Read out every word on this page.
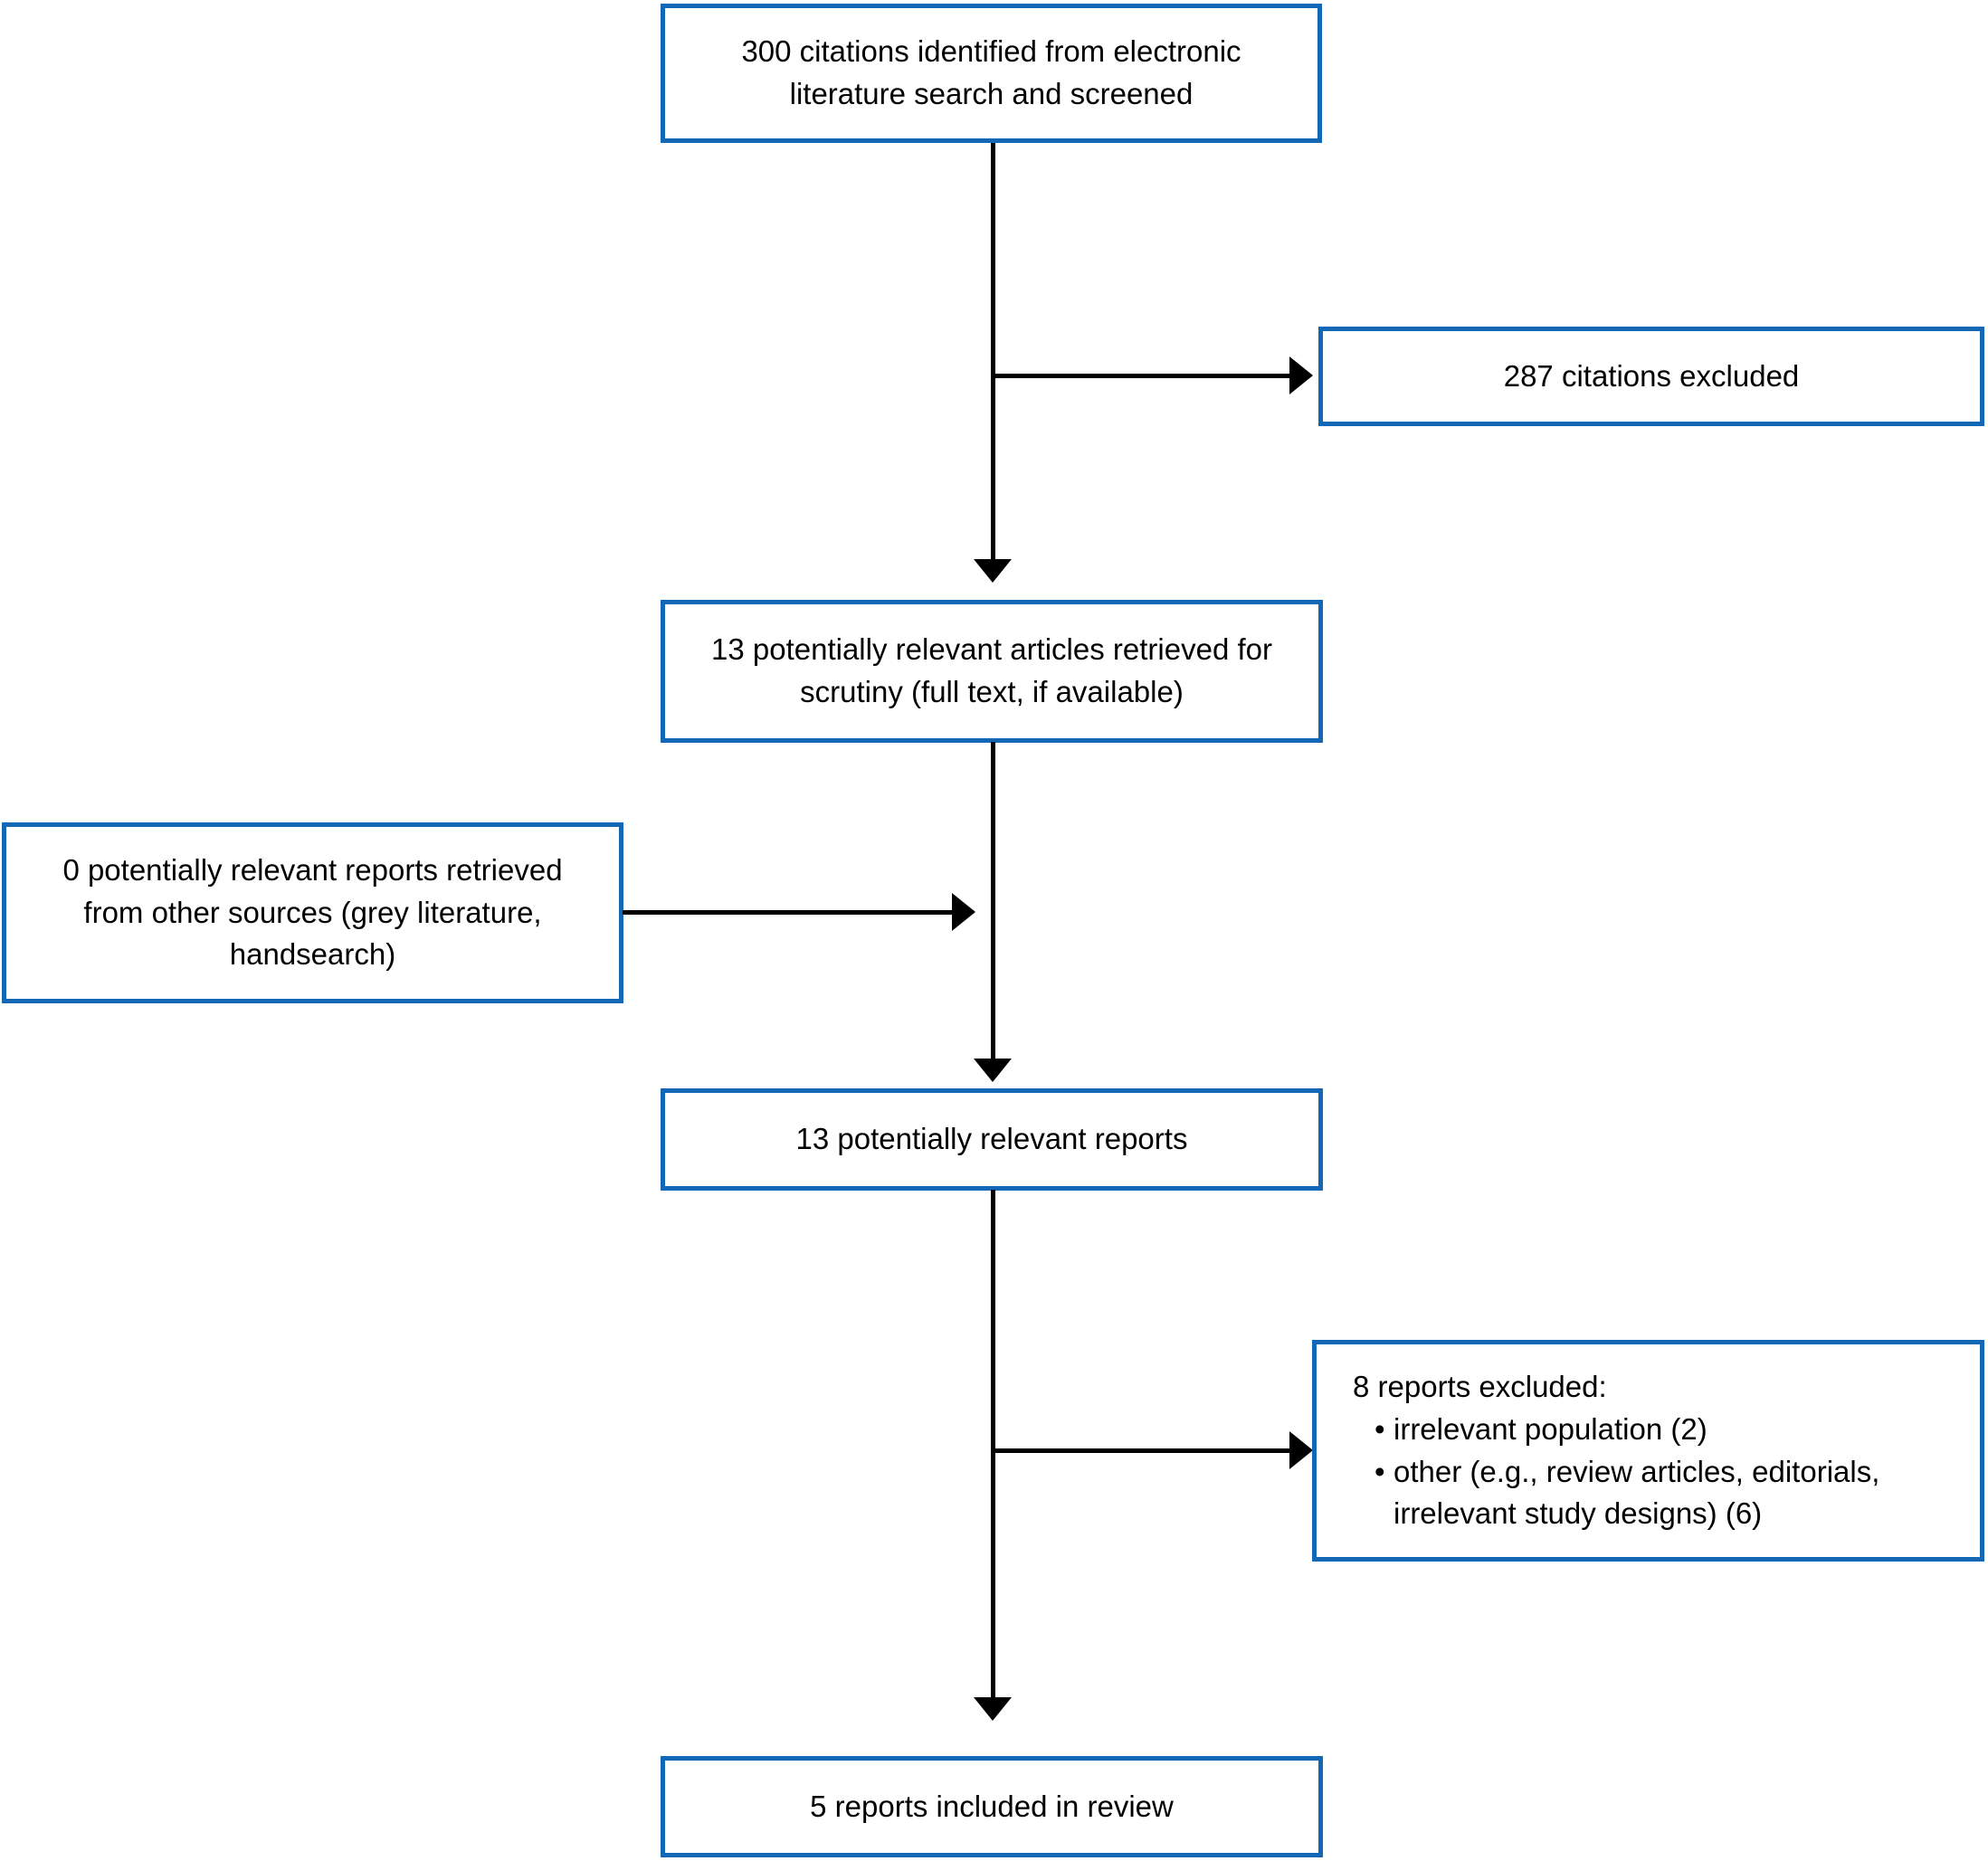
300 citations identified from electronic literature search and screened
287 citations excluded
13 potentially relevant articles retrieved for scrutiny (full text, if available)
0 potentially relevant reports retrieved from other sources (grey literature, handsearch)
13 potentially relevant reports
8 reports excluded:
• irrelevant population (2)
• other (e.g., review articles, editorials, irrelevant study designs) (6)
5 reports included in review
